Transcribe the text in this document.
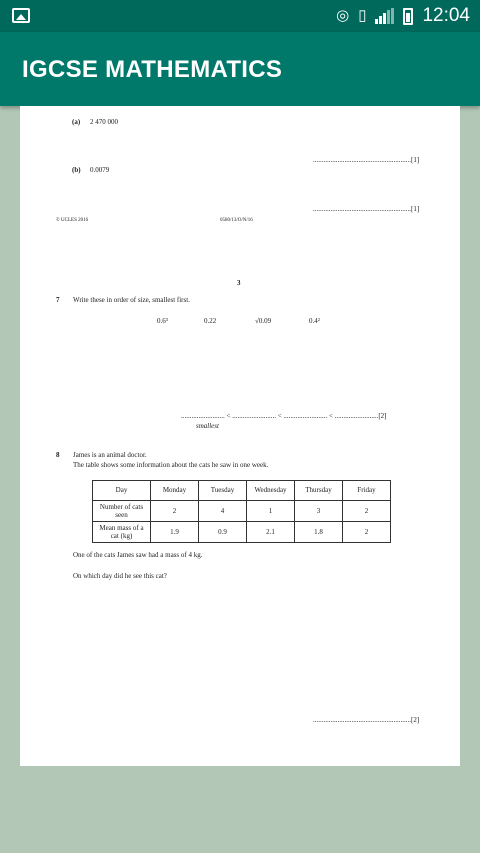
◎ ▯	12:04
IGCSE MATHEMATICS
(a) 2 470 000
........................................................[1]
(b) 0.0079
........................................................[1]
© UCLES 2016	0580/13/O/N/16
3
7 Write these in order of size, smallest first.
0.6³	0.22	√0.09	0.4²
......................... < ......................... < ......................... < .........................[2]
smallest
8 James is an animal doctor.
The table shows some information about the cats he saw in one week.
Day	Monday	Tuesday	Wednesday	Thursday	Friday
Number of cats seen	2	4	1	3	2
Mean mass of a cat (kg)	1.9	0.9	2.1	1.8	2
One of the cats James saw had a mass of 4 kg.
On which day did he see this cat?
........................................................[2]
